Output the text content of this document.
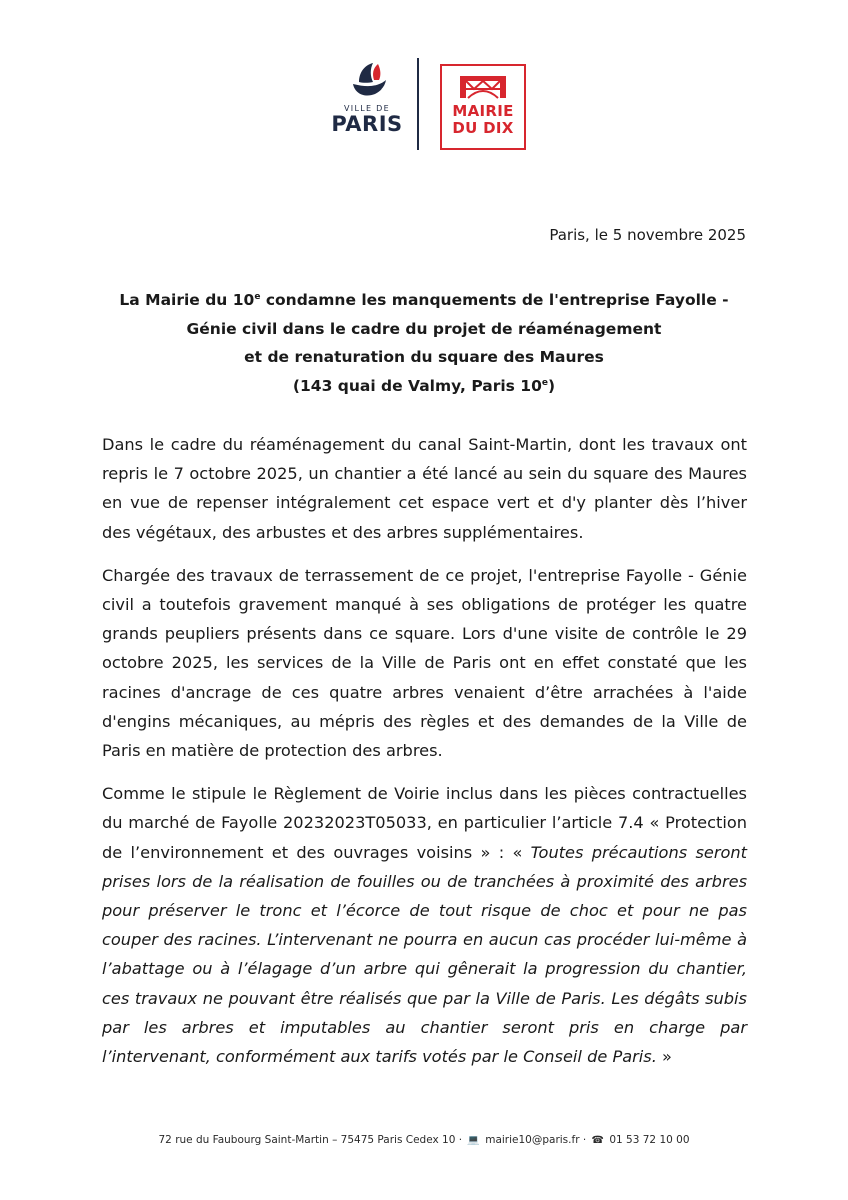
VILLE DE
PARIS
MAIRIE
DU DIX
Paris, le 5 novembre 2025

La Mairie du 10e condamne les manquements de l'entreprise Fayolle -

Génie civil dans le cadre du projet de réaménagement

et de renaturation du square des Maures

(143 quai de Valmy, Paris 10e)

Dans le cadre du réaménagement du canal Saint-Martin, dont les travaux ont repris le 7 octobre 2025, un chantier a été lancé au sein du square des Maures en vue de repenser intégralement cet espace vert et d'y planter dès l’hiver des végétaux, des arbustes et des arbres supplémentaires.

Chargée des travaux de terrassement de ce projet, l'entreprise Fayolle - Génie civil a toutefois gravement manqué à ses obligations de protéger les quatre grands peupliers présents dans ce square. Lors d'une visite de contrôle le 29 octobre 2025, les services de la Ville de Paris ont en effet constaté que les racines d'ancrage de ces quatre arbres venaient d’être arrachées à l'aide d'engins mécaniques, au mépris des règles et des demandes de la Ville de Paris en matière de protection des arbres.

Comme le stipule le Règlement de Voirie inclus dans les pièces contractuelles du marché de Fayolle 20232023T05033, en particulier l’article 7.4 « Protection de l’environnement et des ouvrages voisins » : « Toutes précautions seront prises lors de la réalisation de fouilles ou de tranchées à proximité des arbres pour préserver le tronc et l’écorce de tout risque de choc et pour ne pas couper des racines. L’intervenant ne pourra en aucun cas procéder lui-même à l’abattage ou à l’élagage d’un arbre qui gênerait la progression du chantier, ces travaux ne pouvant être réalisés que par la Ville de Paris. Les dégâts subis par les arbres et imputables au chantier seront pris en charge par l’intervenant, conformément aux tarifs votés par le Conseil de Paris. »

72 rue du Faubourg Saint-Martin – 75475 Paris Cedex 10 · 💻 mairie10@paris.fr · ☎ 01 53 72 10 00
